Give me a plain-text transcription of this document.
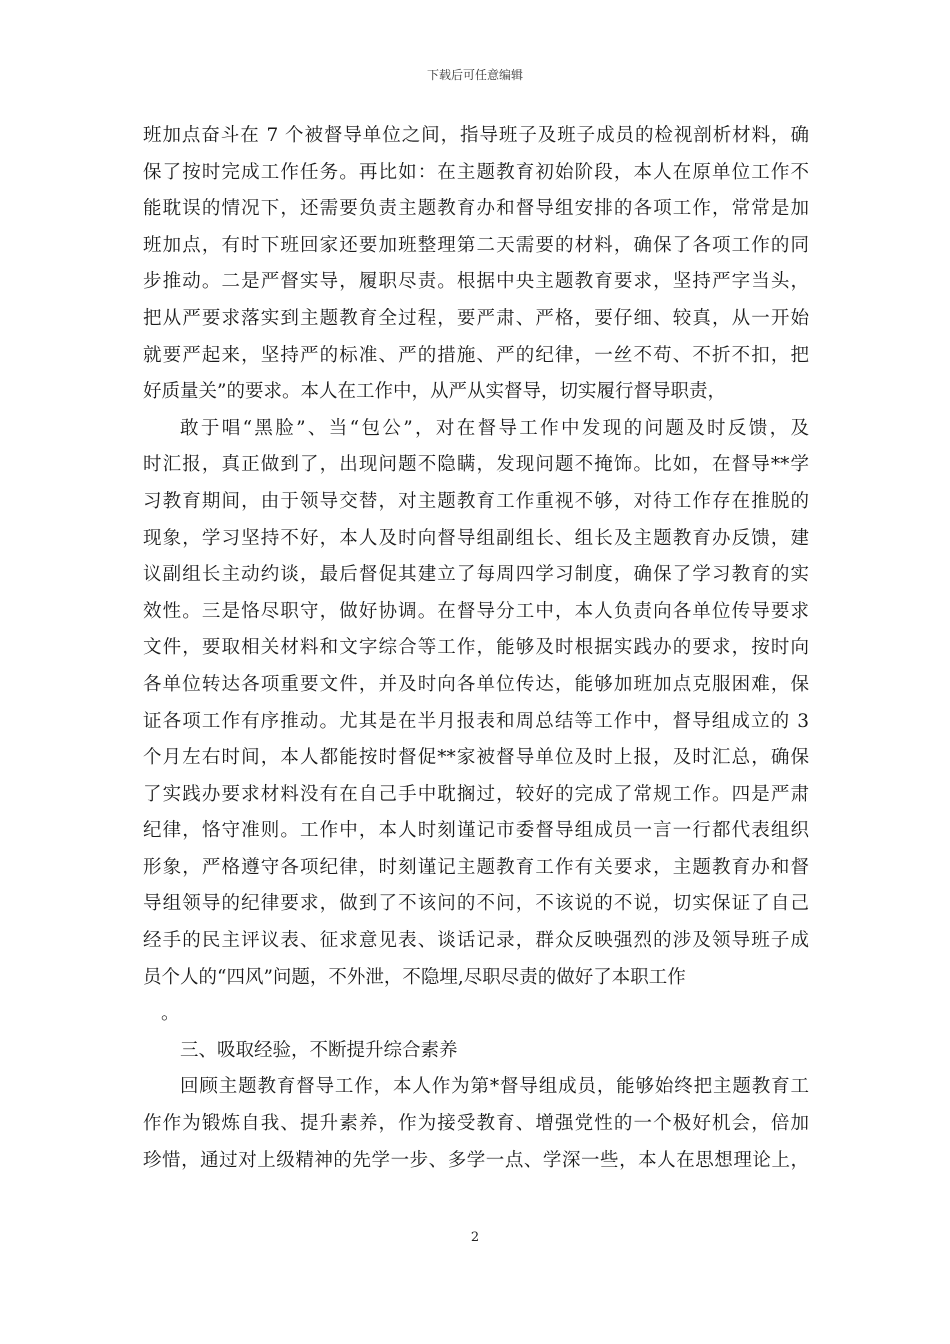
下载后可任意编辑
班加点奋斗在 7 个被督导单位之间，指导班子及班子成员的检视剖析材料，确
保了按时完成工作任务。再比如：在主题教育初始阶段，本人在原单位工作不
能耽误的情况下，还需要负责主题教育办和督导组安排的各项工作，常常是加
班加点，有时下班回家还要加班整理第二天需要的材料，确保了各项工作的同
步推动。二是严督实导，履职尽责。根据中央主题教育要求，坚持严字当头，
把从严要求落实到主题教育全过程，要严肃、严格，要仔细、较真，从一开始
就要严起来，坚持严的标准、严的措施、严的纪律，一丝不苟、不折不扣，把
好质量关”的要求。本人在工作中，从严从实督导，切实履行督导职责，
敢于唱“黑脸”、当“包公”，对在督导工作中发现的问题及时反馈，及
时汇报，真正做到了，出现问题不隐瞒，发现问题不掩饰。比如，在督导**学
习教育期间，由于领导交替，对主题教育工作重视不够，对待工作存在推脱的
现象，学习坚持不好，本人及时向督导组副组长、组长及主题教育办反馈，建
议副组长主动约谈，最后督促其建立了每周四学习制度，确保了学习教育的实
效性。三是恪尽职守，做好协调。在督导分工中，本人负责向各单位传导要求
文件，要取相关材料和文字综合等工作，能够及时根据实践办的要求，按时向
各单位转达各项重要文件，并及时向各单位传达，能够加班加点克服困难，保
证各项工作有序推动。尤其是在半月报表和周总结等工作中，督导组成立的 3
个月左右时间，本人都能按时督促**家被督导单位及时上报，及时汇总，确保
了实践办要求材料没有在自己手中耽搁过，较好的完成了常规工作。四是严肃
纪律，恪守准则。工作中，本人时刻谨记市委督导组成员一言一行都代表组织
形象，严格遵守各项纪律，时刻谨记主题教育工作有关要求，主题教育办和督
导组领导的纪律要求，做到了不该问的不问，不该说的不说，切实保证了自己
经手的民主评议表、征求意见表、谈话记录，群众反映强烈的涉及领导班子成
员个人的“四风”问题，不外泄，不隐埋,尽职尽责的做好了本职工作
。
三、吸取经验，不断提升综合素养
回顾主题教育督导工作，本人作为第*督导组成员，能够始终把主题教育工
作作为锻炼自我、提升素养，作为接受教育、增强党性的一个极好机会，倍加
珍惜，通过对上级精神的先学一步、多学一点、学深一些，本人在思想理论上，
2
